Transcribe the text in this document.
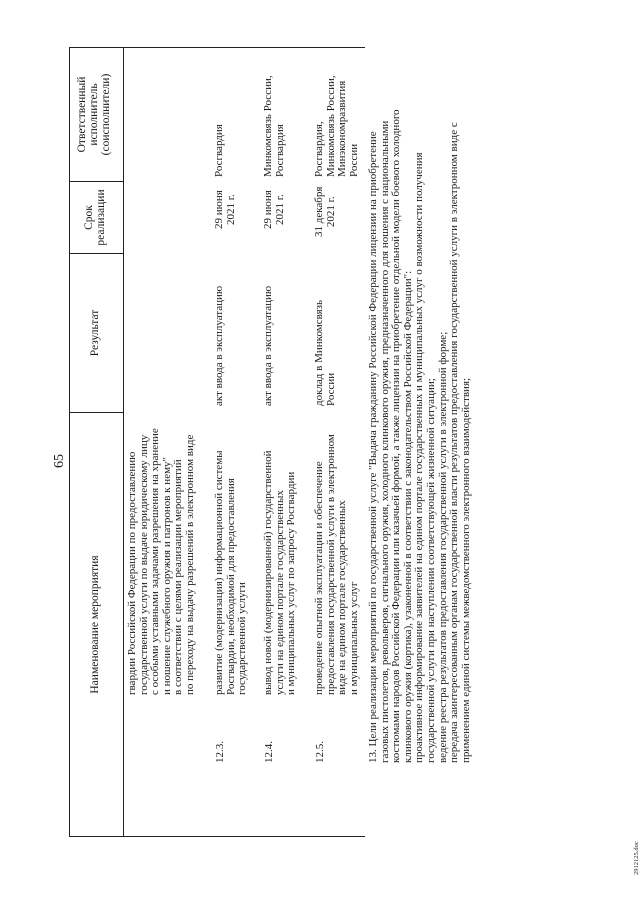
65
Наименование мероприятия
Результат
Срок реализации
Ответственный исполнитель (соисполнители)
гвардии Российской Федерации по предоставлению государственной услуги по выдаче юридическому лицу с особыми уставными задачами разрешения на хранение и ношение служебного оружия и патронов к нему" в соответствии с целями реализации мероприятий по переходу на выдачу разрешений в электронном виде
12.3.
развитие (модернизация) информационной системы Росгвардии, необходимой для предоставления государственной услуги
акт ввода в эксплуатацию
29 июня 2021 г.
Росгвардия
12.4.
вывод новой (модернизированной) государственной услуги на едином портале государственных и муниципальных услуг по запросу Росгвардии
акт ввода в эксплуатацию
29 июня 2021 г.
Минкомсвязь России, Росгвардия
12.5.
проведение опытной эксплуатации и обеспечение предоставления государственной услуги в электронном виде на едином портале государственных и муниципальных услуг
доклад в Минкомсвязь России
31 декабря 2021 г.
Росгвардия, Минкомсвязь России, Минэкономразвития России 13. Цели реализации мероприятий по государственной услуге "Выдача гражданину Российской Федерации лицензии на приобретение газовых пистолетов, револьверов, сигнального оружия, холодного клинкового оружия, предназначенного для ношения с национальными костюмами народов Российской Федерации или казачьей формой, а также лицензии на приобретение отдельной модели боевого холодного клинкового оружия (кортика), узаконенной в соответствии с законодательством Российской Федерации": проактивное информирование заявителей на едином портале государственных и муниципальных услуг о возможности получения государственной услуги при наступлении соответствующей жизненной ситуации; ведение реестра результатов предоставления государственной услуги в электронной форме; передача заинтересованным органам государственной власти результатов предоставления государственной услуги в электронном виде с применением единой системы межведомственного электронного взаимодействия;
2912125.doc
